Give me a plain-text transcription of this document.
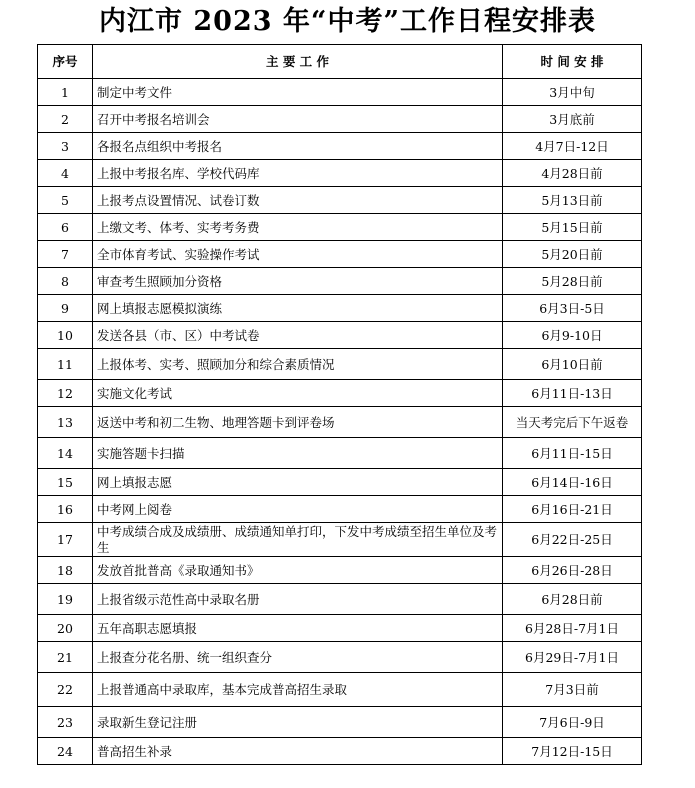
内江市 2023 年“中考”工作日程安排表
序号	主 要 工 作	时 间 安 排
1	制定中考文件	3月中旬
2	召开中考报名培训会	3月底前
3	各报名点组织中考报名	4月7日-12日
4	上报中考报名库、学校代码库	4月28日前
5	上报考点设置情况、试卷订数	5月13日前
6	上缴文考、体考、实考考务费	5月15日前
7	全市体育考试、实验操作考试	5月20日前
8	审查考生照顾加分资格	5月28日前
9	网上填报志愿模拟演练	6月3日-5日
10	发送各县（市、区）中考试卷	6月9-10日
11	上报体考、实考、照顾加分和综合素质情况	6月10日前
12	实施文化考试	6月11日-13日
13	返送中考和初二生物、地理答题卡到评卷场	当天考完后下午返卷
14	实施答题卡扫描	6月11日-15日
15	网上填报志愿	6月14日-16日
16	中考网上阅卷	6月16日-21日
17	中考成绩合成及成绩册、成绩通知单打印，下发中考成绩至招生单位及考生	6月22日-25日
18	发放首批普高《录取通知书》	6月26日-28日
19	上报省级示范性高中录取名册	6月28日前
20	五年高职志愿填报	6月28日-7月1日
21	上报查分花名册、统一组织查分	6月29日-7月1日
22	上报普通高中录取库，基本完成普高招生录取	7月3日前
23	录取新生登记注册	7月6日-9日
24	普高招生补录	7月12日-15日
